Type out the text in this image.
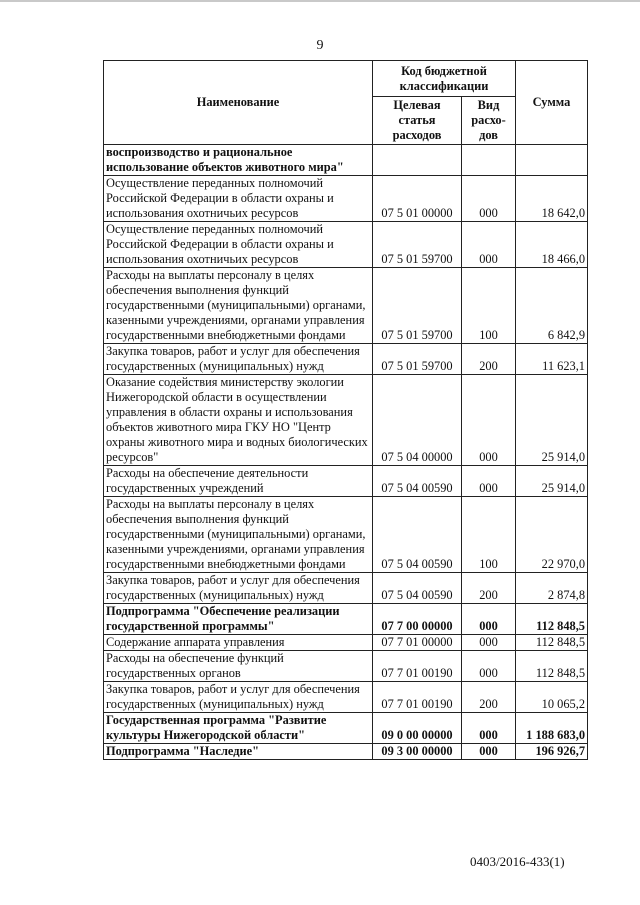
9
Наименование	Код бюджетной классификации		Сумма
	Целевая статья расходов	Вид расхо-дов	
воспроизводство и рациональное использование объектов животного мира"			
Осуществление переданных полномочий Российской Федерации в области охраны и использования охотничьих ресурсов	07 5 01 00000	000	18 642,0
Осуществление переданных полномочий Российской Федерации в области охраны и использования охотничьих ресурсов	07 5 01 59700	000	18 466,0
Расходы на выплаты персоналу в целях обеспечения выполнения функций государственными (муниципальными) органами, казенными учреждениями, органами управления государственными внебюджетными фондами	07 5 01 59700	100	6 842,9
Закупка товаров, работ и услуг для обеспечения государственных (муниципальных) нужд	07 5 01 59700	200	11 623,1
Оказание содействия министерству экологии Нижегородской области в осуществлении управления в области охраны и использования объектов животного мира ГКУ НО "Центр охраны животного мира и водных биологических ресурсов"	07 5 04 00000	000	25 914,0
Расходы на обеспечение деятельности государственных учреждений	07 5 04 00590	000	25 914,0
Расходы на выплаты персоналу в целях обеспечения выполнения функций государственными (муниципальными) органами, казенными учреждениями, органами управления государственными внебюджетными фондами	07 5 04 00590	100	22 970,0
Закупка товаров, работ и услуг для обеспечения государственных (муниципальных) нужд	07 5 04 00590	200	2 874,8
Подпрограмма "Обеспечение реализации государственной программы"	07 7 00 00000	000	112 848,5
Содержание аппарата управления	07 7 01 00000	000	112 848,5
Расходы на обеспечение функций государственных органов	07 7 01 00190	000	112 848,5
Закупка товаров, работ и услуг для обеспечения государственных (муниципальных) нужд	07 7 01 00190	200	10 065,2
Государственная программа "Развитие культуры Нижегородской области"	09 0 00 00000	000	1 188 683,0
Подпрограмма "Наследие"	09 3 00 00000	000	196 926,7
0403/2016-433(1)
